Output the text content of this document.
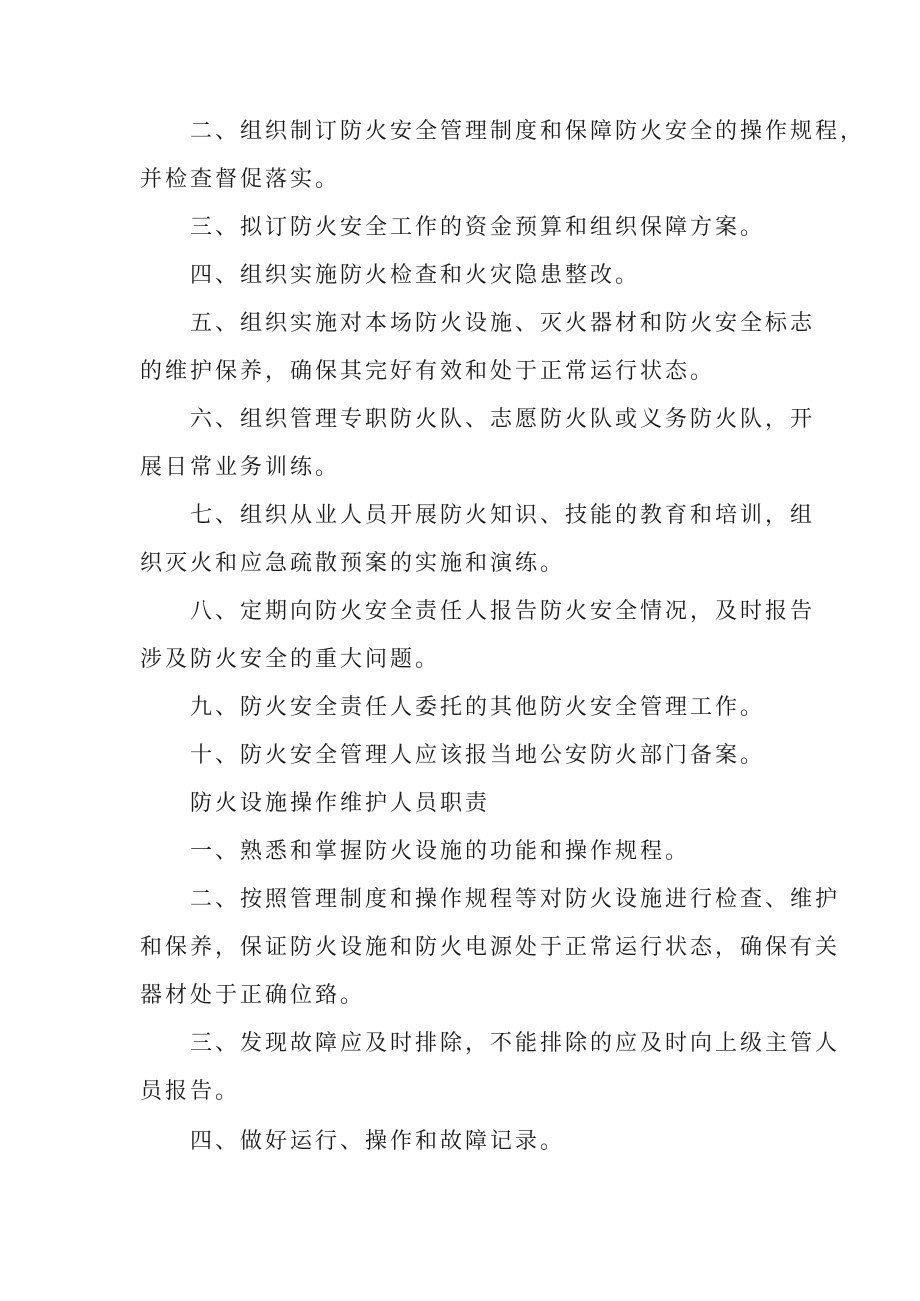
二、组织制订防火安全管理制度和保障防火安全的操作规程，
并检查督促落实。
三、拟订防火安全工作的资金预算和组织保障方案。
四、组织实施防火检查和火灾隐患整改。
五、组织实施对本场防火设施、灭火器材和防火安全标志
的维护保养，确保其完好有效和处于正常运行状态。
六、组织管理专职防火队、志愿防火队或义务防火队，开
展日常业务训练。
七、组织从业人员开展防火知识、技能的教育和培训，组
织灭火和应急疏散预案的实施和演练。
八、定期向防火安全责任人报告防火安全情况，及时报告
涉及防火安全的重大问题。
九、防火安全责任人委托的其他防火安全管理工作。
十、防火安全管理人应该报当地公安防火部门备案。
防火设施操作维护人员职责
一、熟悉和掌握防火设施的功能和操作规程。
二、按照管理制度和操作规程等对防火设施进行检查、维护
和保养，保证防火设施和防火电源处于正常运行状态，确保有关
器材处于正确位臵。
三、发现故障应及时排除，不能排除的应及时向上级主管人
员报告。
四、做好运行、操作和故障记录。
